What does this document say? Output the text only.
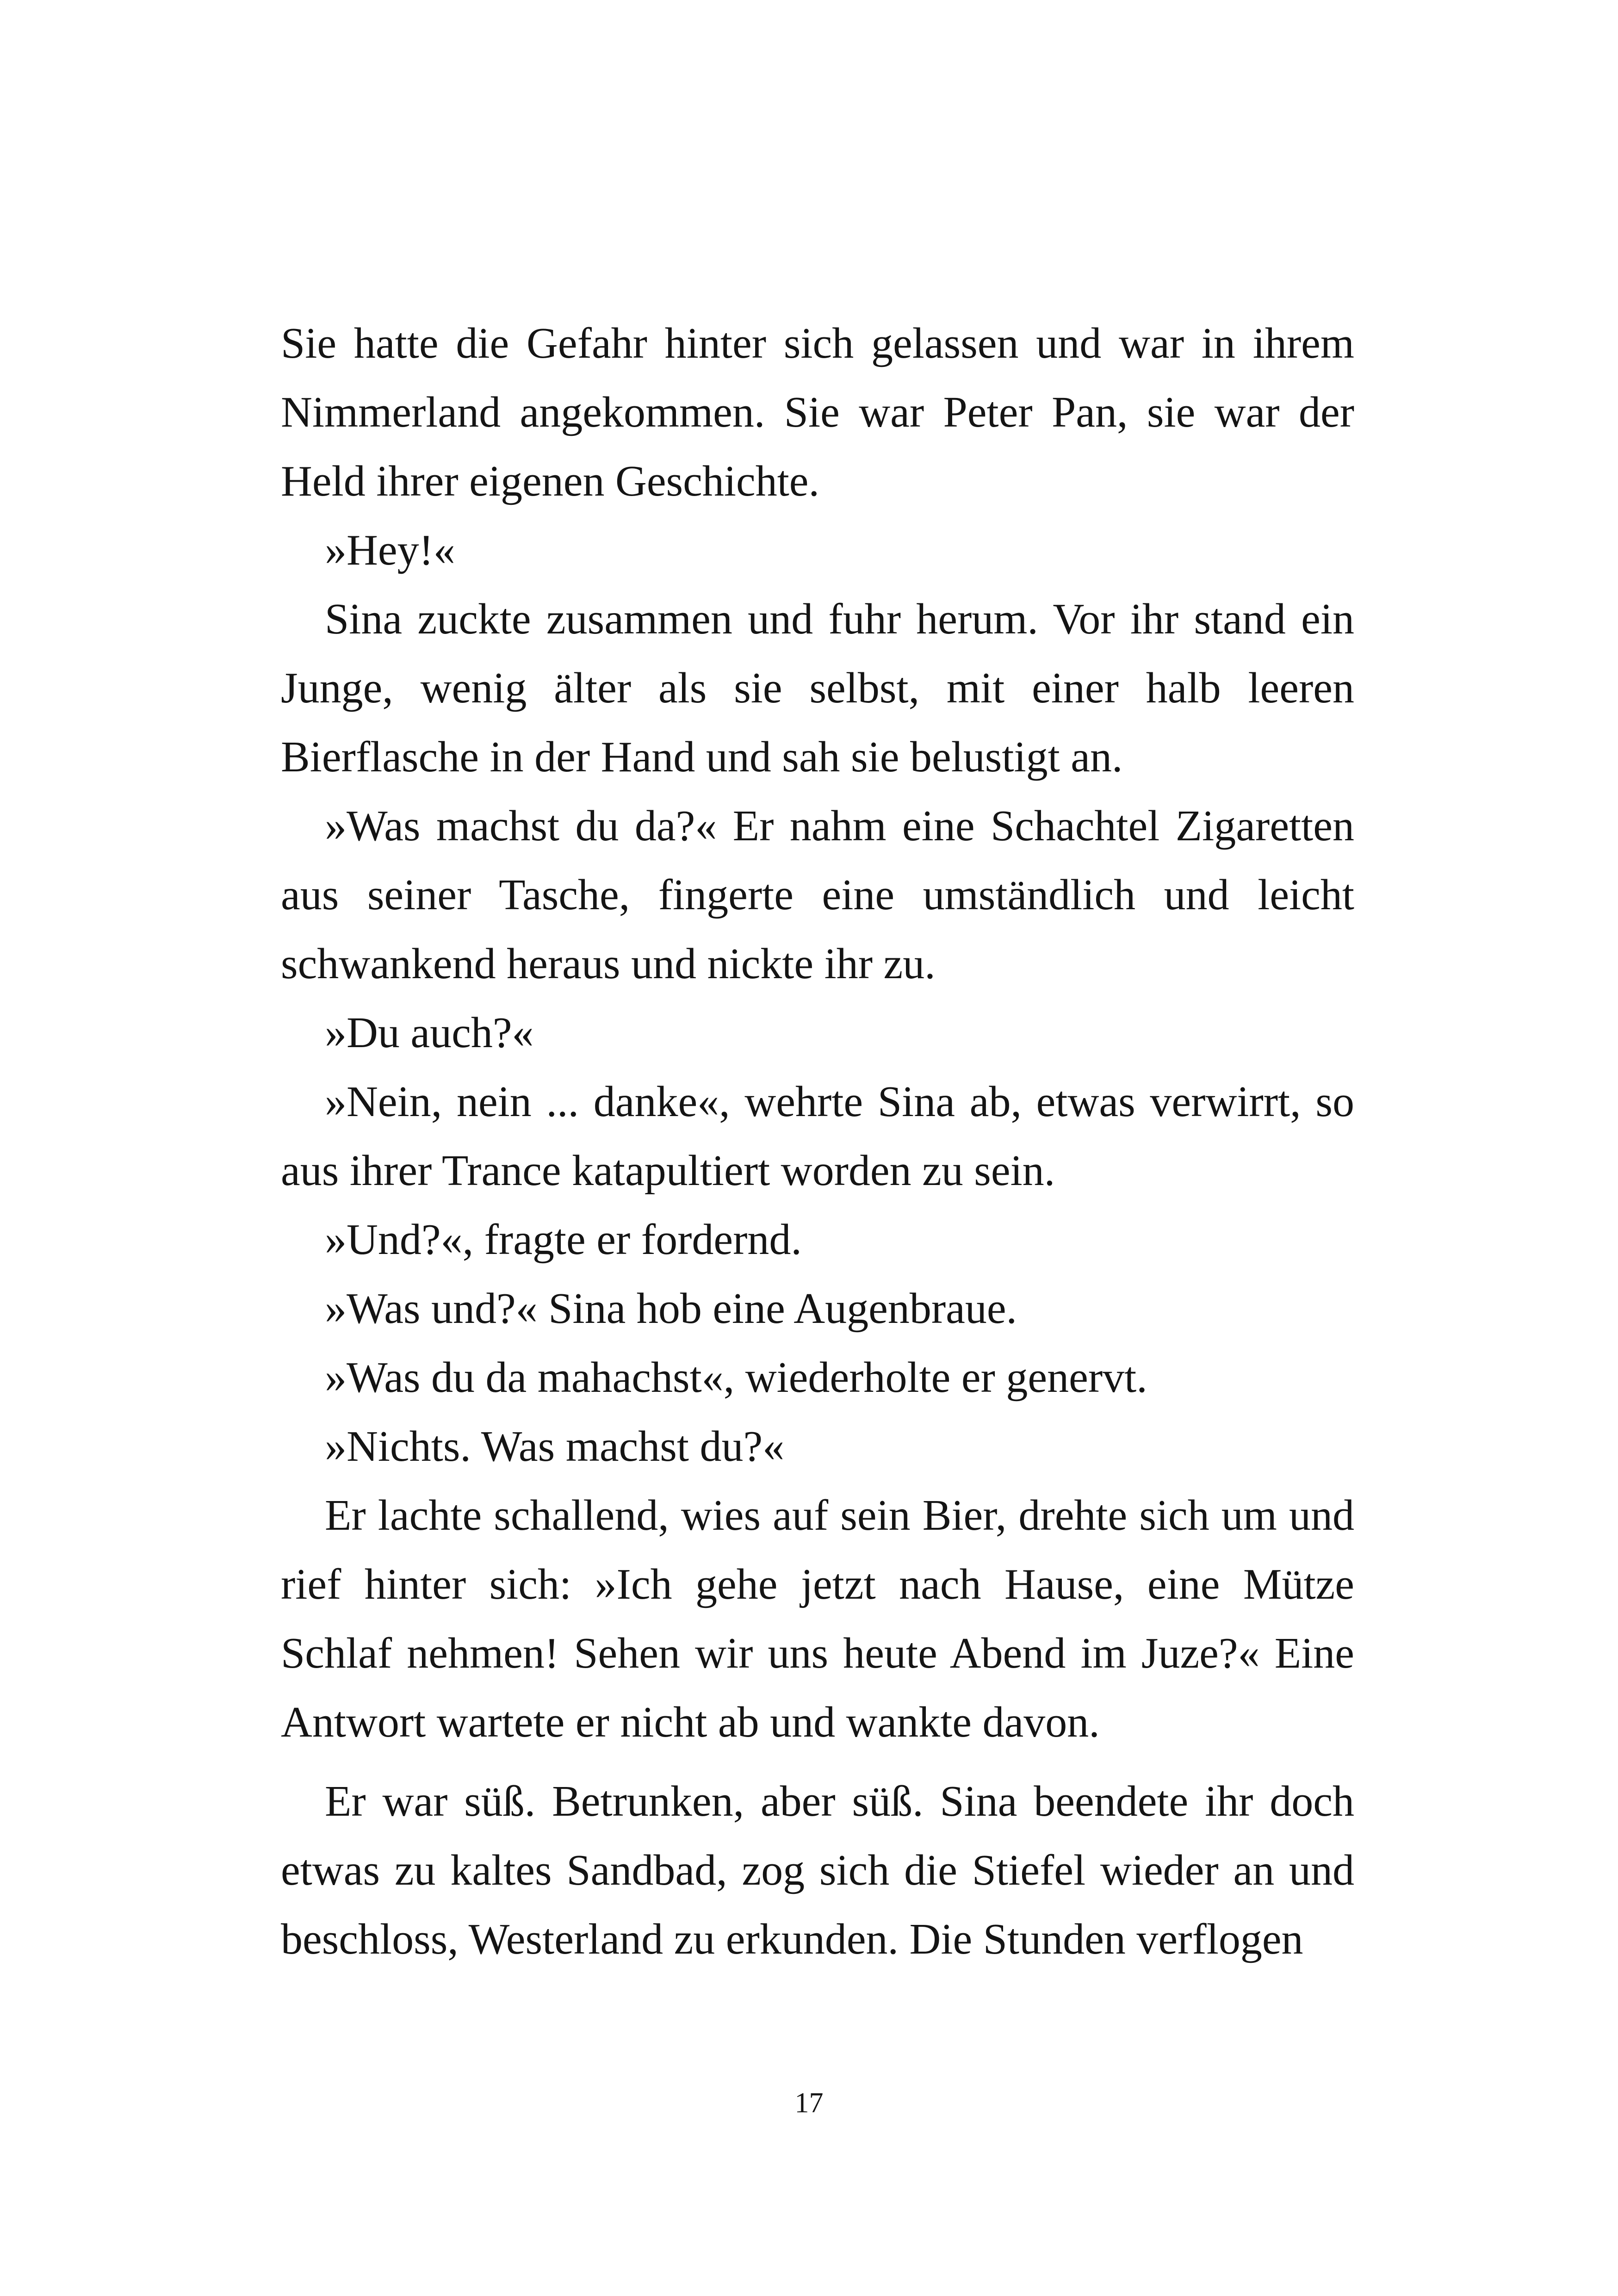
Sie hatte die Gefahr hinter sich gelassen und war in ihrem Nimmerland angekommen. Sie war Peter Pan, sie war der Held ihrer eigenen Geschichte.

»Hey!«

Sina zuckte zusammen und fuhr herum. Vor ihr stand ein Junge, wenig älter als sie selbst, mit einer halb leeren Bierflasche in der Hand und sah sie belustigt an.

»Was machst du da?« Er nahm eine Schachtel Zigaretten aus seiner Tasche, fingerte eine umständlich und leicht schwankend heraus und nickte ihr zu.

»Du auch?«

»Nein, nein ... danke«, wehrte Sina ab, etwas verwirrt, so aus ihrer Trance katapultiert worden zu sein.

»Und?«, fragte er fordernd.

»Was und?« Sina hob eine Augenbraue.

»Was du da mahachst«, wiederholte er genervt.

»Nichts. Was machst du?«

Er lachte schallend, wies auf sein Bier, drehte sich um und rief hinter sich: »Ich gehe jetzt nach Hause, eine Mütze Schlaf nehmen! Sehen wir uns heute Abend im Juze?« Eine Antwort wartete er nicht ab und wankte davon.

Er war süß. Betrunken, aber süß. Sina beendete ihr doch etwas zu kaltes Sandbad, zog sich die Stiefel wieder an und beschloss, Westerland zu erkunden. Die Stunden verflogen

17
